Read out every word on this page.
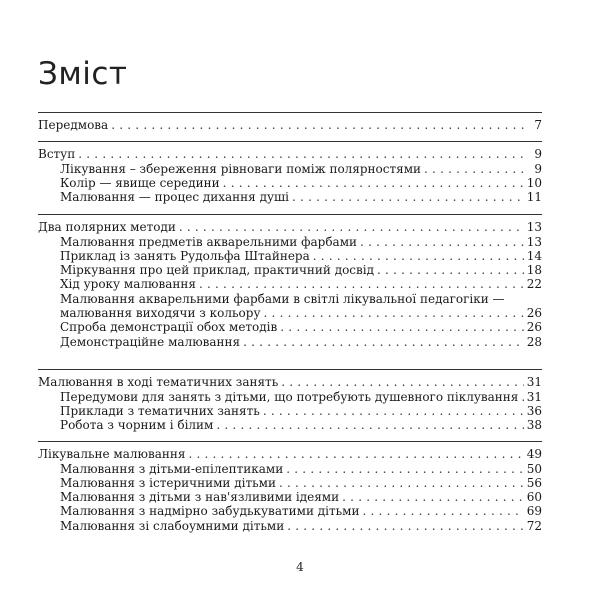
Зміст
Передмова . . .	7
Вступ . . .	9
Лікування – збереження рівноваги поміж полярностями . . .	9
Колір — явище середини . . .	10
Малювання — процес дихання душі . . .	11
Два полярних методи . . .	13
Малювання предметів акварельними фарбами . . .	13
Приклад із занять Рудольфа Штайнера . . .	14
Міркування про цей приклад, практичний досвід . . .	18
Хід уроку малювання . . .	22
Малювання акварельними фарбами в світлі лікувальної педагогіки —
малювання виходячи з кольору . . .	26
Спроба демонстрації обох методів . . .	26
Демонстраційне малювання . . .	28
Малювання в ході тематичних занять . . .	31
Передумови для занять з дітьми, що потребують душевного піклування . . . 31
Приклади з тематичних занять . . .	36
Робота з чорним і білим . . .	38
Лікувальне малювання . . .	49
Малювання з дітьми-епілептиками . . .	50
Малювання з істеричними дітьми . . .	56
Малювання з дітьми з нав'язливими ідеями . . .	60
Малювання з надмірно забудькуватими дітьми . . .	69
Малювання зі слабоумними дітьми . . .	72
4
